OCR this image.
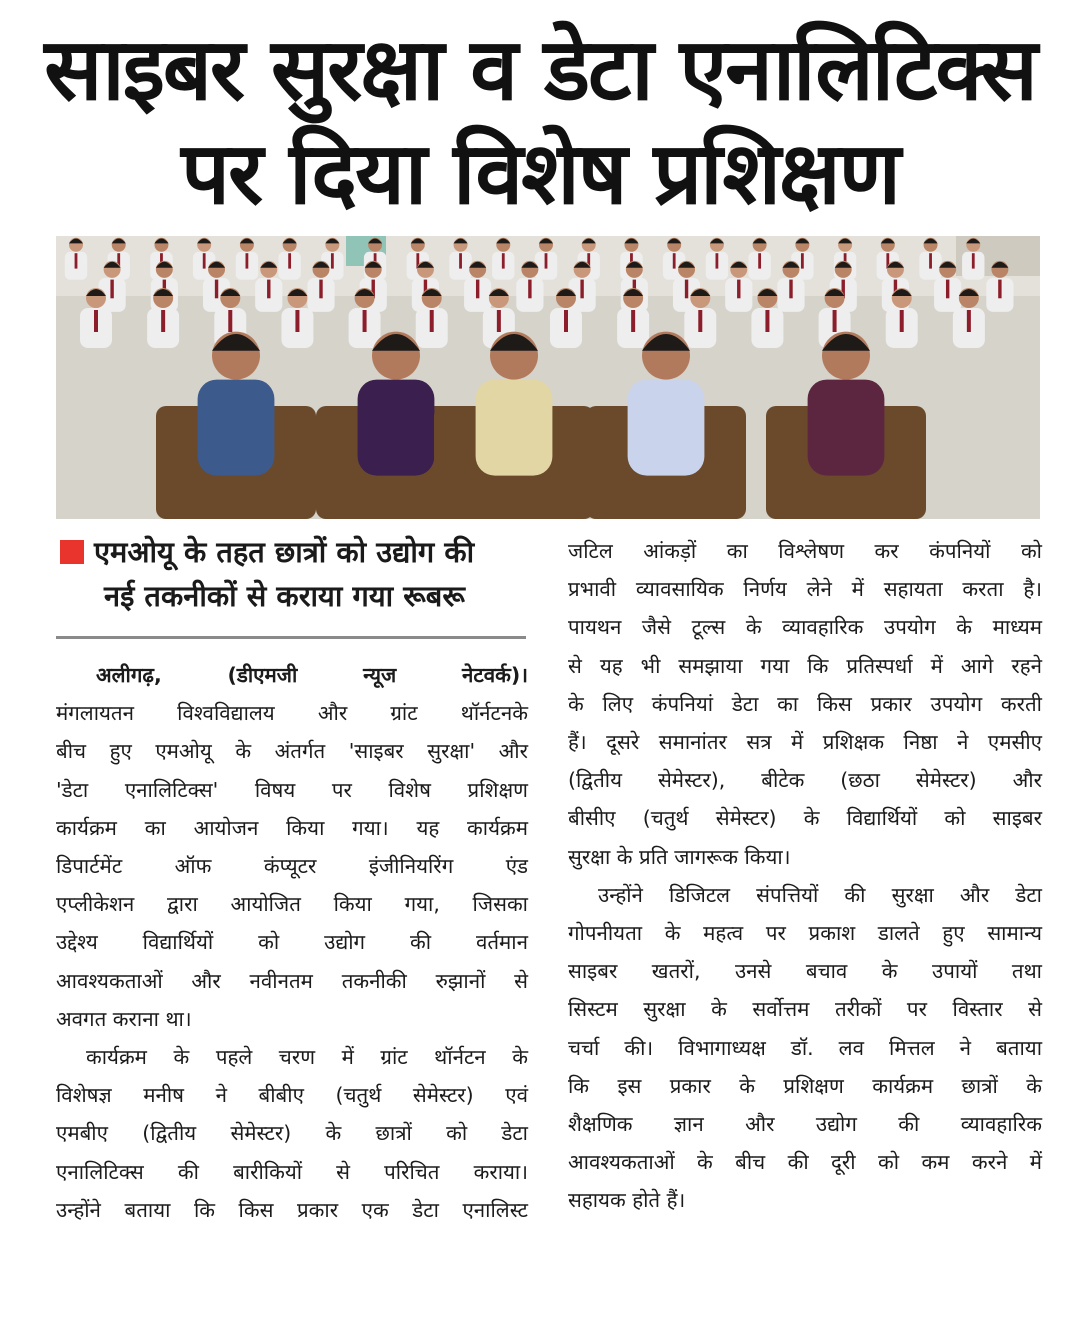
साइबर सुरक्षा व डेटा एनालिटिक्स
पर दिया विशेष प्रशिक्षण
एमओयू के तहत छात्रों को उद्योग की
नई तकनीकों से कराया गया रूबरू

अलीगढ़, (डीएमजी न्यूज नेटवर्क)।

मंगलायतन विश्वविद्यालय और ग्रांट थॉर्नटनके

बीच हुए एमओयू के अंतर्गत 'साइबर सुरक्षा' और

'डेटा एनालिटिक्स' विषय पर विशेष प्रशिक्षण

कार्यक्रम का आयोजन किया गया। यह कार्यक्रम

डिपार्टमेंट ऑफ कंप्यूटर इंजीनियरिंग एंड

एप्लीकेशन द्वारा आयोजित किया गया, जिसका

उद्देश्य विद्यार्थियों को उद्योग की वर्तमान

आवश्यकताओं और नवीनतम तकनीकी रुझानों से

अवगत कराना था।

कार्यक्रम के पहले चरण में ग्रांट थॉर्नटन के

विशेषज्ञ मनीष ने बीबीए (चतुर्थ सेमेस्टर) एवं

एमबीए (द्वितीय सेमेस्टर) के छात्रों को डेटा

एनालिटिक्स की बारीकियों से परिचित कराया।

उन्होंने बताया कि किस प्रकार एक डेटा एनालिस्ट

जटिल आंकड़ों का विश्लेषण कर कंपनियों को

प्रभावी व्यावसायिक निर्णय लेने में सहायता करता है।

पायथन जैसे टूल्स के व्यावहारिक उपयोग के माध्यम

से यह भी समझाया गया कि प्रतिस्पर्धा में आगे रहने

के लिए कंपनियां डेटा का किस प्रकार उपयोग करती

हैं। दूसरे समानांतर सत्र में प्रशिक्षक निष्ठा ने एमसीए

(द्वितीय सेमेस्टर), बीटेक (छठा सेमेस्टर) और

बीसीए (चतुर्थ सेमेस्टर) के विद्यार्थियों को साइबर

सुरक्षा के प्रति जागरूक किया।

उन्होंने डिजिटल संपत्तियों की सुरक्षा और डेटा

गोपनीयता के महत्व पर प्रकाश डालते हुए सामान्य

साइबर खतरों, उनसे बचाव के उपायों तथा

सिस्टम सुरक्षा के सर्वोत्तम तरीकों पर विस्तार से

चर्चा की। विभागाध्यक्ष डॉ. लव मित्तल ने बताया

कि इस प्रकार के प्रशिक्षण कार्यक्रम छात्रों के

शैक्षणिक ज्ञान और उद्योग की व्यावहारिक

आवश्यकताओं के बीच की दूरी को कम करने में

सहायक होते हैं।
